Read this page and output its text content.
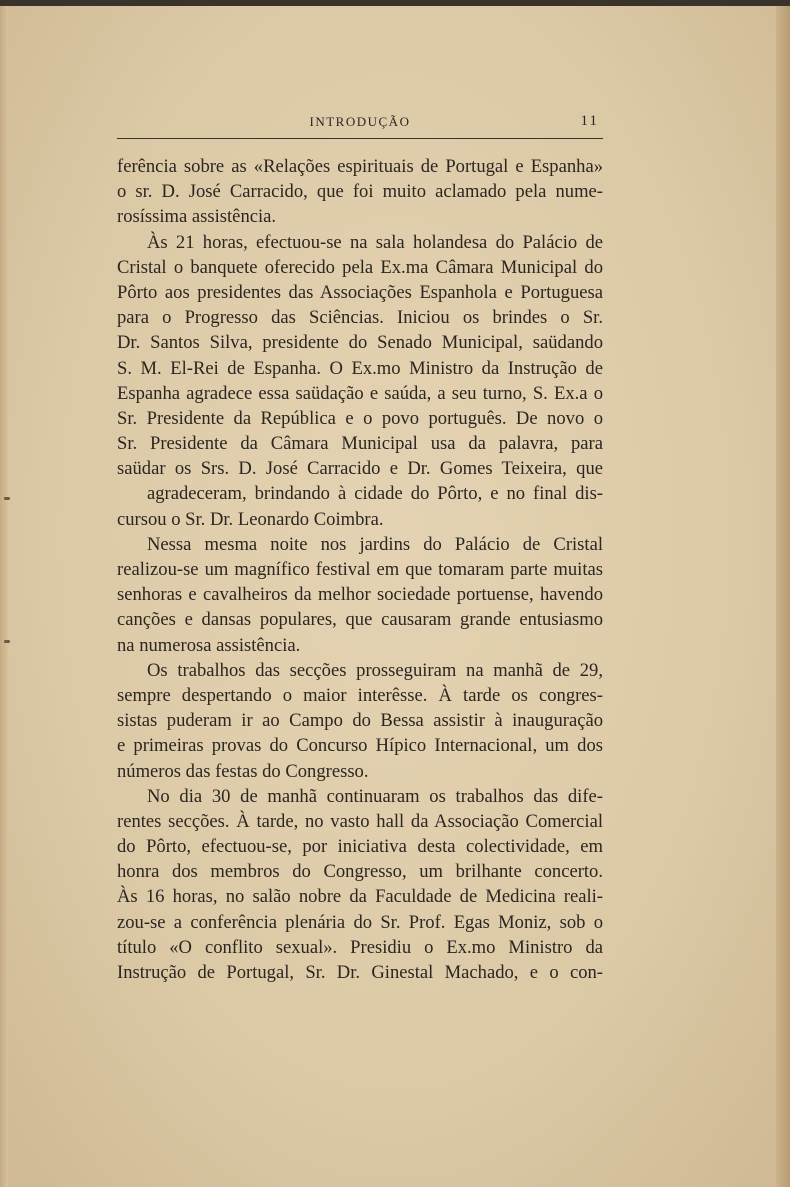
INTRODUÇÃO	11
ferência sobre as «Relações espirituais de Portugal e Espanha»
o sr. D. José Carracido, que foi muito aclamado pela nume-
rosíssima assistência.
Às 21 horas, efectuou-se na sala holandesa do Palácio de
Cristal o banquete oferecido pela Ex.ma Câmara Municipal do
Pôrto aos presidentes das Associações Espanhola e Portuguesa
para o Progresso das Sciências. Iniciou os brindes o Sr.
Dr. Santos Silva, presidente do Senado Municipal, saüdando
S. M. El-Rei de Espanha. O Ex.mo Ministro da Instrução de
Espanha agradece essa saüdação e saúda, a seu turno, S. Ex.a o
Sr. Presidente da República e o povo português. De novo o
Sr. Presidente da Câmara Municipal usa da palavra, para
saüdar os Srs. D. José Carracido e Dr. Gomes Teixeira, que
agradeceram, brindando à cidade do Pôrto, e no final dis-
cursou o Sr. Dr. Leonardo Coimbra.
Nessa mesma noite nos jardins do Palácio de Cristal
realizou-se um magnífico festival em que tomaram parte muitas
senhoras e cavalheiros da melhor sociedade portuense, havendo
canções e dansas populares, que causaram grande entusiasmo
na numerosa assistência.
Os trabalhos das secções prosseguiram na manhã de 29,
sempre despertando o maior interêsse. À tarde os congres-
sistas puderam ir ao Campo do Bessa assistir à inauguração
e primeiras provas do Concurso Hípico Internacional, um dos
números das festas do Congresso.
No dia 30 de manhã continuaram os trabalhos das dife-
rentes secções. À tarde, no vasto hall da Associação Comercial
do Pôrto, efectuou-se, por iniciativa desta colectividade, em
honra dos membros do Congresso, um brilhante concerto.
Às 16 horas, no salão nobre da Faculdade de Medicina reali-
zou-se a conferência plenária do Sr. Prof. Egas Moniz, sob o
título «O conflito sexual». Presidiu o Ex.mo Ministro da
Instrução de Portugal, Sr. Dr. Ginestal Machado, e o con-
